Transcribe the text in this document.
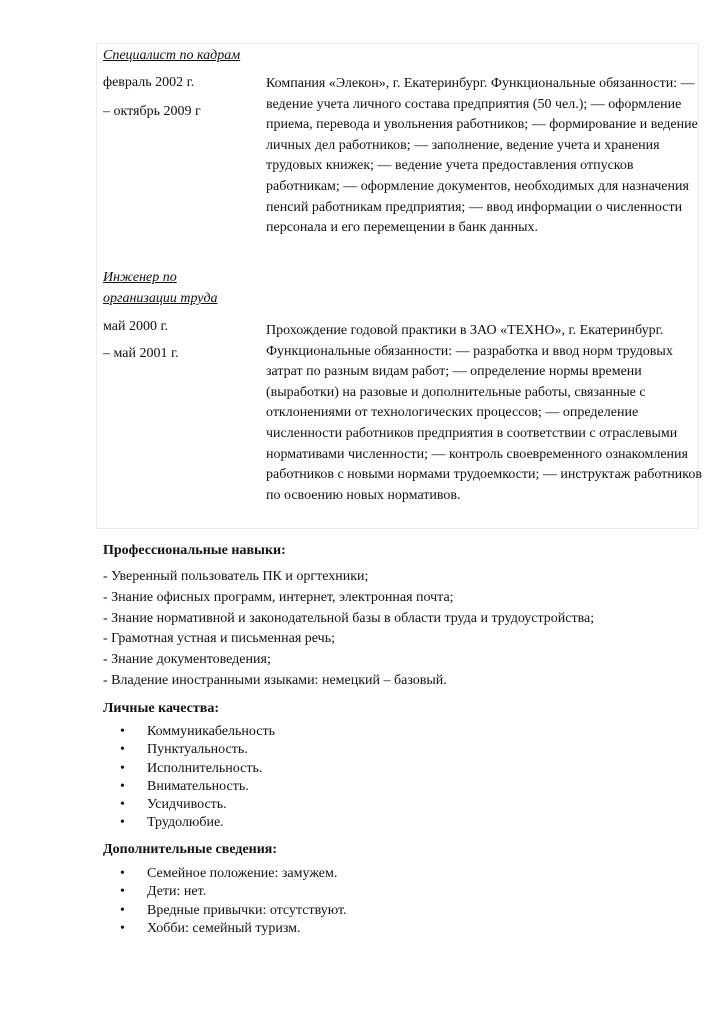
Специалист по кадрам
февраль 2002 г.
– октябрь 2009 г
Компания «Элекон», г. Екатеринбург. Функциональные обязанности: — ведение учета личного состава предприятия (50 чел.); — оформление приема, перевода и увольнения работников; — формирование и ведение личных дел работников; — заполнение, ведение учета и хранения трудовых книжек; — ведение учета предоставления отпусков работникам; — оформление документов, необходимых для назначения пенсий работникам предприятия; — ввод информации о численности персонала и его перемещении в банк данных.
Инженер по
организации труда
май 2000 г.
– май 2001 г.
Прохождение годовой практики в ЗАО «ТЕХНО», г. Екатеринбург. Функциональные обязанности: — разработка и ввод норм трудовых затрат по разным видам работ; — определение нормы времени (выработки) на разовые и дополнительные работы, связанные с отклонениями от технологических процессов; — определение численности работников предприятия в соответствии с отраслевыми нормативами численности; — контроль своевременного ознакомления работников с новыми нормами трудоемкости; — инструктаж работников по освоению новых нормативов.
Профессиональные навыки:
- Уверенный пользователь ПК и оргтехники;
- Знание офисных программ, интернет, электронная почта;
- Знание нормативной и законодательной базы в области труда и трудоустройства;
- Грамотная устная и письменная речь;
- Знание документоведения;
- Владение иностранными языками: немецкий – базовый.
Личные качества:
• Коммуникабельность
• Пунктуальность.
• Исполнительность.
• Внимательность.
• Усидчивость.
• Трудолюбие.
Дополнительные сведения:
• Семейное положение: замужем.
• Дети: нет.
• Вредные привычки: отсутствуют.
• Хобби: семейный туризм.
